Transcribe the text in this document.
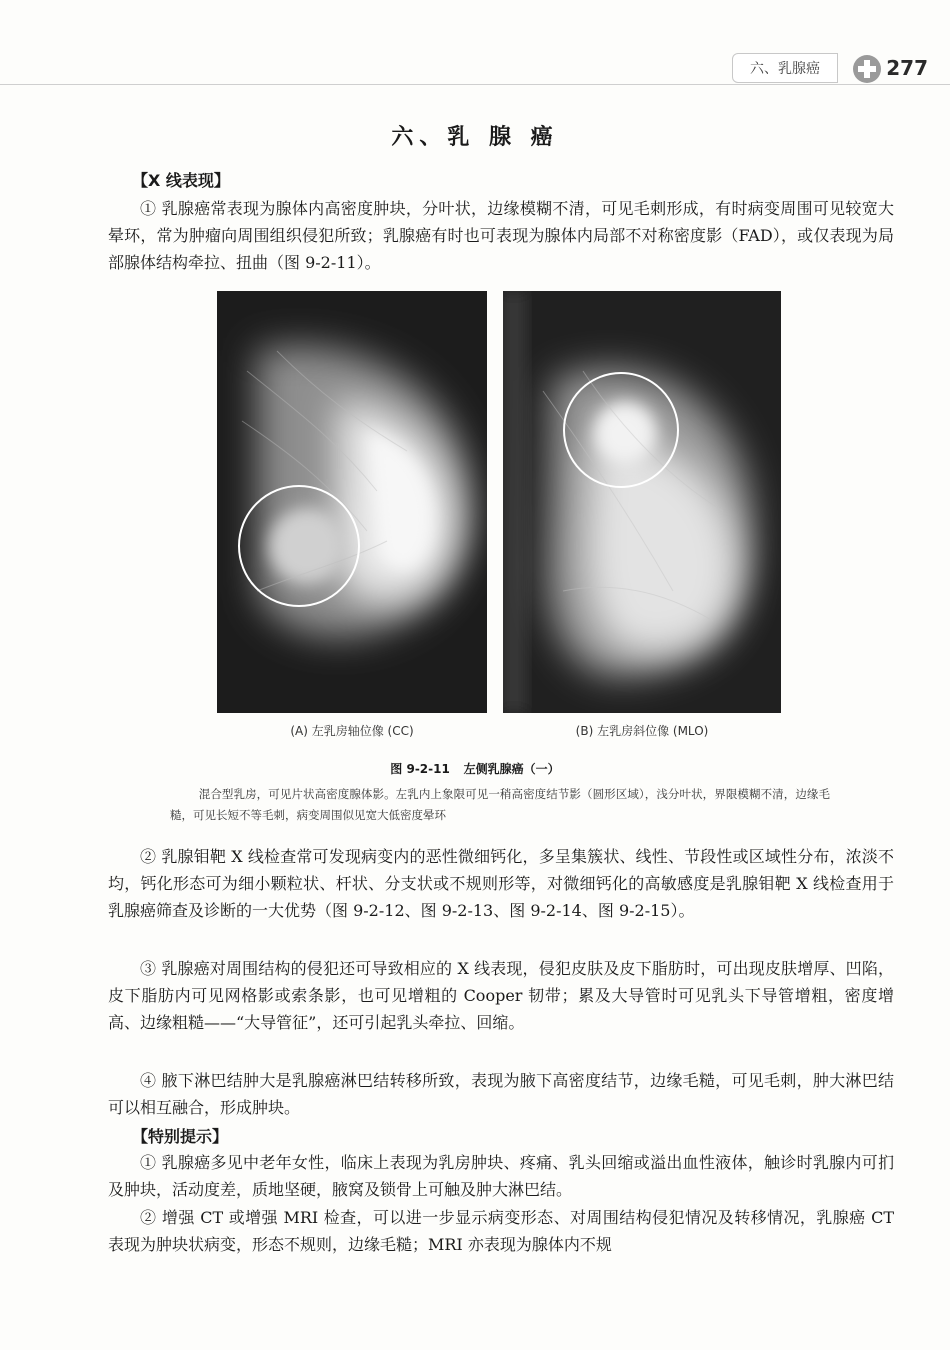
六、乳腺癌	277
六、乳 腺 癌
【X 线表现】

① 乳腺癌常表现为腺体内高密度肿块，分叶状，边缘模糊不清，可见毛刺形成，有时病变周围可见较宽大晕环，常为肿瘤向周围组织侵犯所致；乳腺癌有时也可表现为腺体内局部不对称密度影（FAD），或仅表现为局部腺体结构牵拉、扭曲（图 9-2-11）。

(A) 左乳房轴位像 (CC)	(B) 左乳房斜位像 (MLO)
图 9-2-11 左侧乳腺癌（一）

混合型乳房，可见片状高密度腺体影。左乳内上象限可见一稍高密度结节影（圆形区域），浅分叶状，界限模糊不清，边缘毛糙，可见长短不等毛刺，病变周围似见宽大低密度晕环

② 乳腺钼靶 X 线检查常可发现病变内的恶性微细钙化，多呈集簇状、线性、节段性或区域性分布，浓淡不均，钙化形态可为细小颗粒状、杆状、分支状或不规则形等，对微细钙化的高敏感度是乳腺钼靶 X 线检查用于乳腺癌筛查及诊断的一大优势（图 9-2-12、图 9-2-13、图 9-2-14、图 9-2-15）。

③ 乳腺癌对周围结构的侵犯还可导致相应的 X 线表现，侵犯皮肤及皮下脂肪时，可出现皮肤增厚、凹陷，皮下脂肪内可见网格影或索条影，也可见增粗的 Cooper 韧带；累及大导管时可见乳头下导管增粗，密度增高、边缘粗糙——“大导管征”，还可引起乳头牵拉、回缩。

④ 腋下淋巴结肿大是乳腺癌淋巴结转移所致，表现为腋下高密度结节，边缘毛糙，可见毛刺，肿大淋巴结可以相互融合，形成肿块。

【特别提示】

① 乳腺癌多见中老年女性，临床上表现为乳房肿块、疼痛、乳头回缩或溢出血性液体，触诊时乳腺内可扪及肿块，活动度差，质地坚硬，腋窝及锁骨上可触及肿大淋巴结。

② 增强 CT 或增强 MRI 检查，可以进一步显示病变形态、对周围结构侵犯情况及转移情况，乳腺癌 CT 表现为肿块状病变，形态不规则，边缘毛糙；MRI 亦表现为腺体内不规
